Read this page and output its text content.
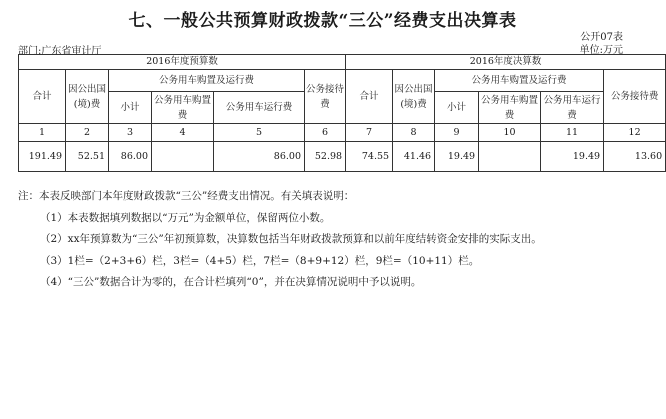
七、一般公共预算财政拨款“三公”经费支出决算表
公开07表
部门:广东省审计厅	单位:万元
2016年度预算数						2016年度决算数					
合计	因公出国(境)费	公务用车购置及运行费			公务接待费	合计	因公出国(境)费	公务用车购置及运行费			公务接待费
		小计	公务用车购置费	公务用车运行费				小计	公务用车购置费	公务用车运行费	
1	2	3	4	5	6	7	8	9	10	11	12
191.49	52.51	86.00		86.00	52.98	74.55	41.46	19.49		19.49	13.60
注：本表反映部门本年度财政拨款“三公”经费支出情况。有关填表说明：
（1）本表数据填列数据以“万元”为金额单位，保留两位小数。
（2）xx年预算数为“三公”年初预算数，决算数包括当年财政拨款预算和以前年度结转资金安排的实际支出。
（3）1栏=（2+3+6）栏，3栏=（4+5）栏，7栏=（8+9+12）栏，9栏=（10+11）栏。
（4）“三公”数据合计为零的，在合计栏填列“0”，并在决算情况说明中予以说明。
